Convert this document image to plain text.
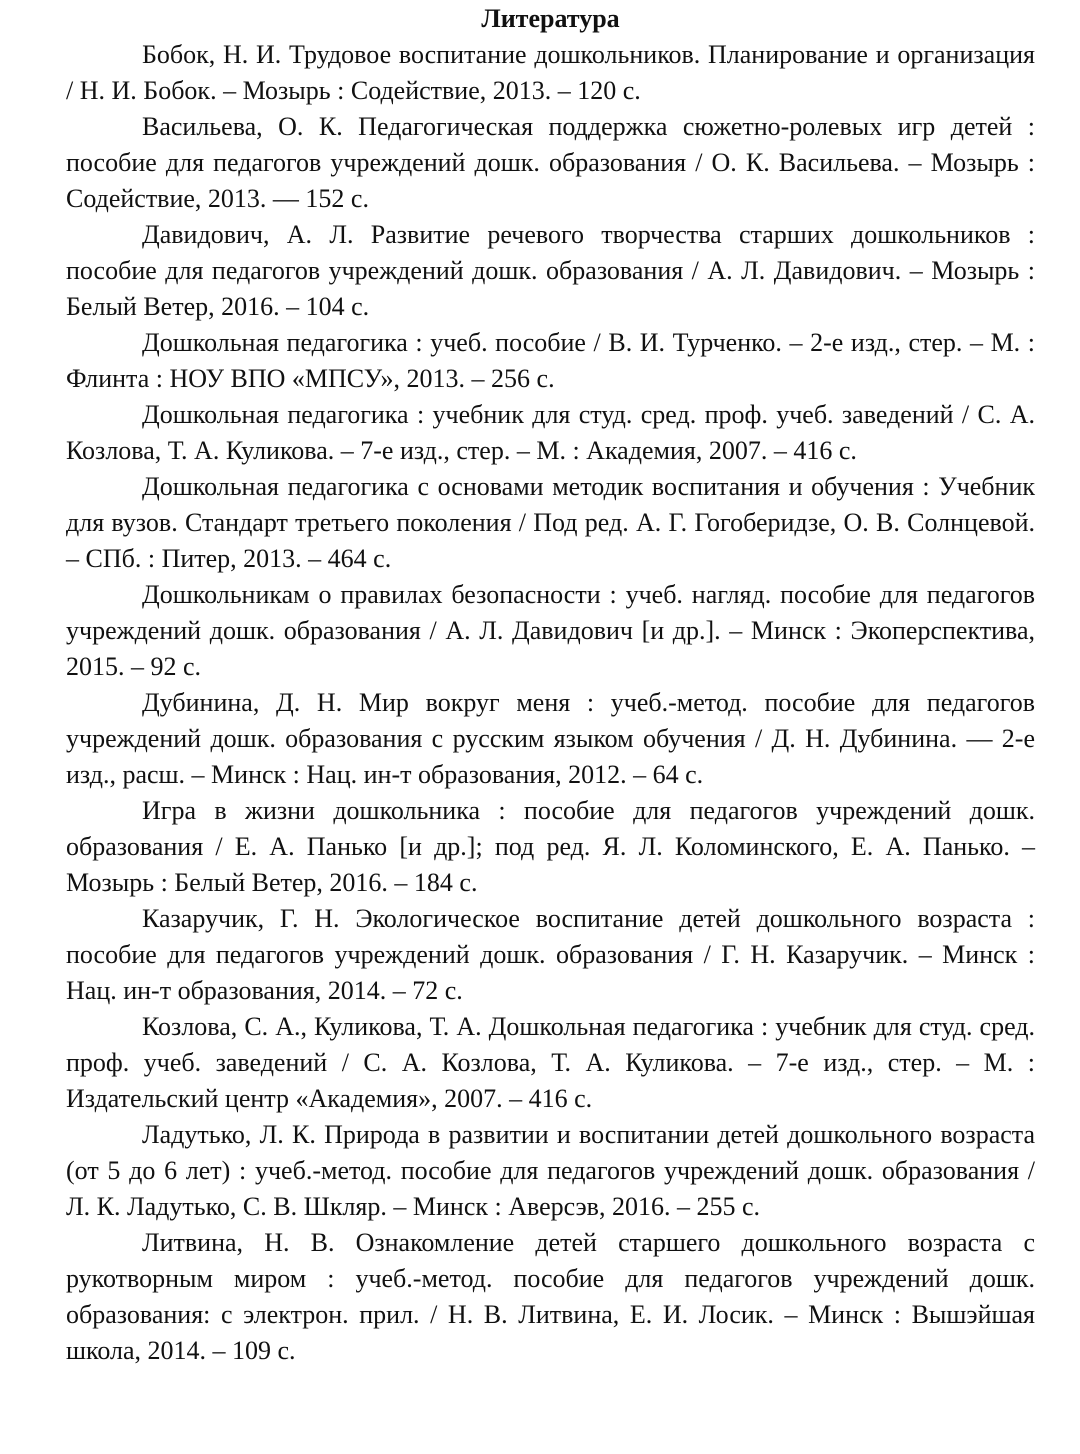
Литература

Бобок, Н. И. Трудовое воспитание дошкольников. Планирование и организация / Н. И. Бобок. – Мозырь : Содействие, 2013. – 120 с.

Васильева, О. К. Педагогическая поддержка сюжетно-ролевых игр детей : пособие для педагогов учреждений дошк. образования / О. К. Васильева. – Мозырь : Содействие, 2013. — 152 с.

Давидович, А. Л. Развитие речевого творчества старших дошкольников : пособие для педагогов учреждений дошк. образования / А. Л. Давидович. – Мозырь : Белый Ветер, 2016. – 104 с.

Дошкольная педагогика : учеб. пособие / В. И. Турченко. – 2-е изд., стер. – М. : Флинта : НОУ ВПО «МПСУ», 2013. – 256 с.

Дошкольная педагогика : учебник для студ. сред. проф. учеб. заведений / С. А. Козлова, Т. А. Куликова. – 7-е изд., стер. – М. : Академия, 2007. – 416 с.

Дошкольная педагогика с основами методик воспитания и обучения : Учебник для вузов. Стандарт третьего поколения / Под ред. А. Г. Гогоберидзе, О. В. Солнцевой. – СПб. : Питер, 2013. – 464 с.

Дошкольникам о правилах безопасности : учеб. нагляд. пособие для педагогов учреждений дошк. образования / А. Л. Давидович [и др.]. – Минск : Экоперспектива, 2015. – 92 с.

Дубинина, Д. Н. Мир вокруг меня : учеб.-метод. пособие для педагогов учреждений дошк. образования с русским языком обучения / Д. Н. Дубинина. — 2-е изд., расш. – Минск : Нац. ин-т образования, 2012. – 64 с.

Игра в жизни дошкольника : пособие для педагогов учреждений дошк. образования / Е. А. Панько [и др.]; под ред. Я. Л. Коломинского, Е. А. Панько. – Мозырь : Белый Ветер, 2016. – 184 с.

Казаручик, Г. Н. Экологическое воспитание детей дошкольного возраста : пособие для педагогов учреждений дошк. образования / Г. Н. Казаручик. – Минск : Нац. ин-т образования, 2014. – 72 с.

Козлова, С. А., Куликова, Т. А. Дошкольная педагогика : учебник для студ. сред. проф. учеб. заведений / С. А. Козлова, Т. А. Куликова. – 7-е изд., стер. – М. : Издательский центр «Академия», 2007. – 416 с.

Ладутько, Л. К. Природа в развитии и воспитании детей дошкольного возраста (от 5 до 6 лет) : учеб.-метод. пособие для педагогов учреждений дошк. образования / Л. К. Ладутько, С. В. Шкляр. – Минск : Аверсэв, 2016. – 255 с.

Литвина, Н. В. Ознакомление детей старшего дошкольного возраста с рукотворным миром : учеб.-метод. пособие для педагогов учреждений дошк. образования: с электрон. прил. / Н. В. Литвина, Е. И. Лосик. – Минск : Вышэйшая школа, 2014. – 109 с.
